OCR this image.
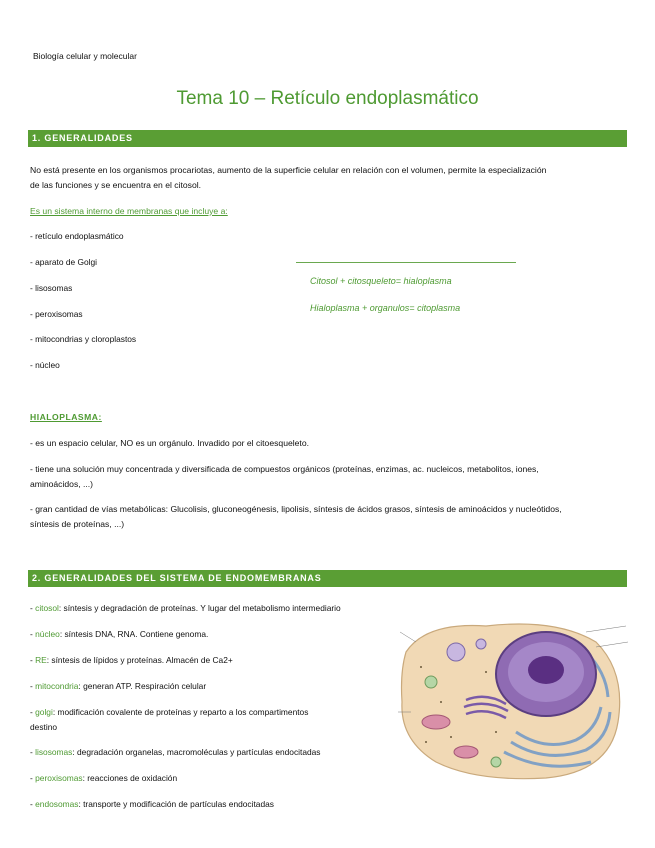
Biología celular y molecular
Tema 10 – Retículo endoplasmático
1. GENERALIDADES
No está presente en los organismos procariotas, aumento de la superficie celular en relación con el volumen, permite la especialización
de las funciones y se encuentra en el citosol.
Es un sistema interno de membranas que incluye a:
- retículo endoplasmático
- aparato de Golgi
- lisosomas
- peroxisomas
- mitocondrias y cloroplastos
- núcleo
Citosol + citosqueleto= hialoplasma
Hialoplasma + organulos= citoplasma
HIALOPLASMA:
- es un espacio celular, NO es un orgánulo. Invadido por el citoesqueleto.
- tiene una solución muy concentrada y diversificada de compuestos orgánicos (proteínas, enzimas, ac. nucleicos, metabolitos, iones,
aminoácidos, ...)
- gran cantidad de vías metabólicas: Glucolisis, gluconeogénesis, lipolisis, síntesis de ácidos grasos, síntesis de aminoácidos y nucleótidos,
síntesis de proteínas, ...)
2. GENERALIDADES DEL SISTEMA DE ENDOMEMBRANAS
- citosol: síntesis y degradación de proteínas. Y lugar del metabolismo intermediario
- núcleo: síntesis DNA, RNA. Contiene genoma.
- RE: síntesis de lípidos y proteínas. Almacén de Ca2+
- mitocondria: generan ATP. Respiración celular
- golgi: modificación covalente de proteínas y reparto a los compartimentos
destino
- lisosomas: degradación organelas, macromoléculas y partículas endocitadas
- peroxisomas: reacciones de oxidación
- endosomas: transporte y modificación de partículas endocitadas
